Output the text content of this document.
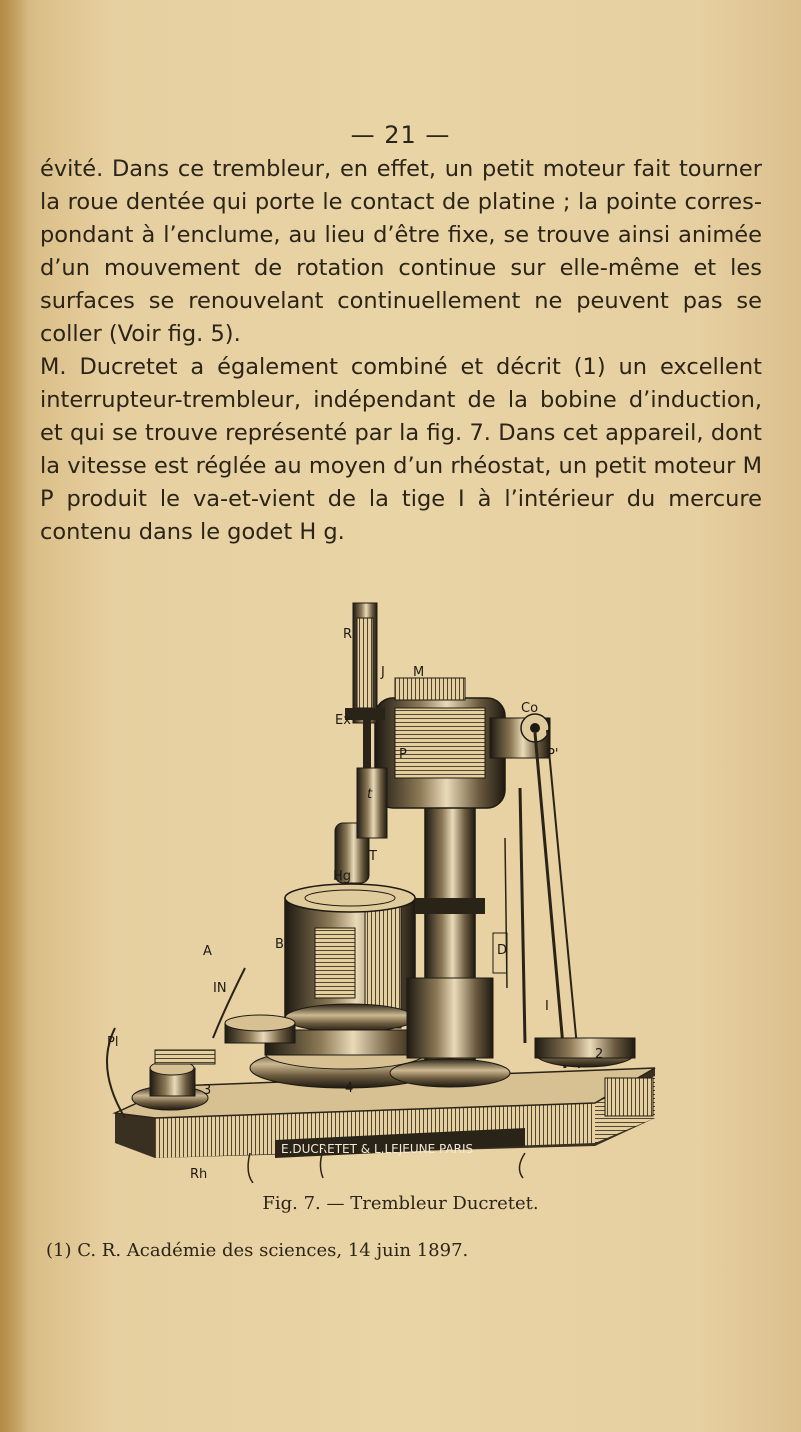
— 21 —

évité. Dans ce trembleur, en effet, un petit moteur fait tourner la roue dentée qui porte le contact de platine ; la pointe correspondant à l’enclume, au lieu d’être fixe, se trouve ainsi animée d’un mouvement de rotation continue sur elle-même et les surfaces se renouvelant continuellement ne peuvent pas se coller (Voir fig. 5).

M. Ducretet a également combiné et décrit (1) un excellent interrupteur-trembleur, indépendant de la bobine d’induction, et qui se trouve représenté par la fig. 7. Dans cet appareil, dont la vitesse est réglée au moyen d’un rhéostat, un petit moteur M P produit le va-et-vient de la tige I à l’intérieur du mercure contenu dans le godet H g.

E.DUCRETET & L.LEJEUNE PARIS
R
J M
Co
Ex
P'
t
P
T
Hg
B'
A
IN
D
I
Pl
2
4
3
Rh
Fig. 7. — Trembleur Ducretet.
(1) C. R. Académie des sciences, 14 juin 1897.
